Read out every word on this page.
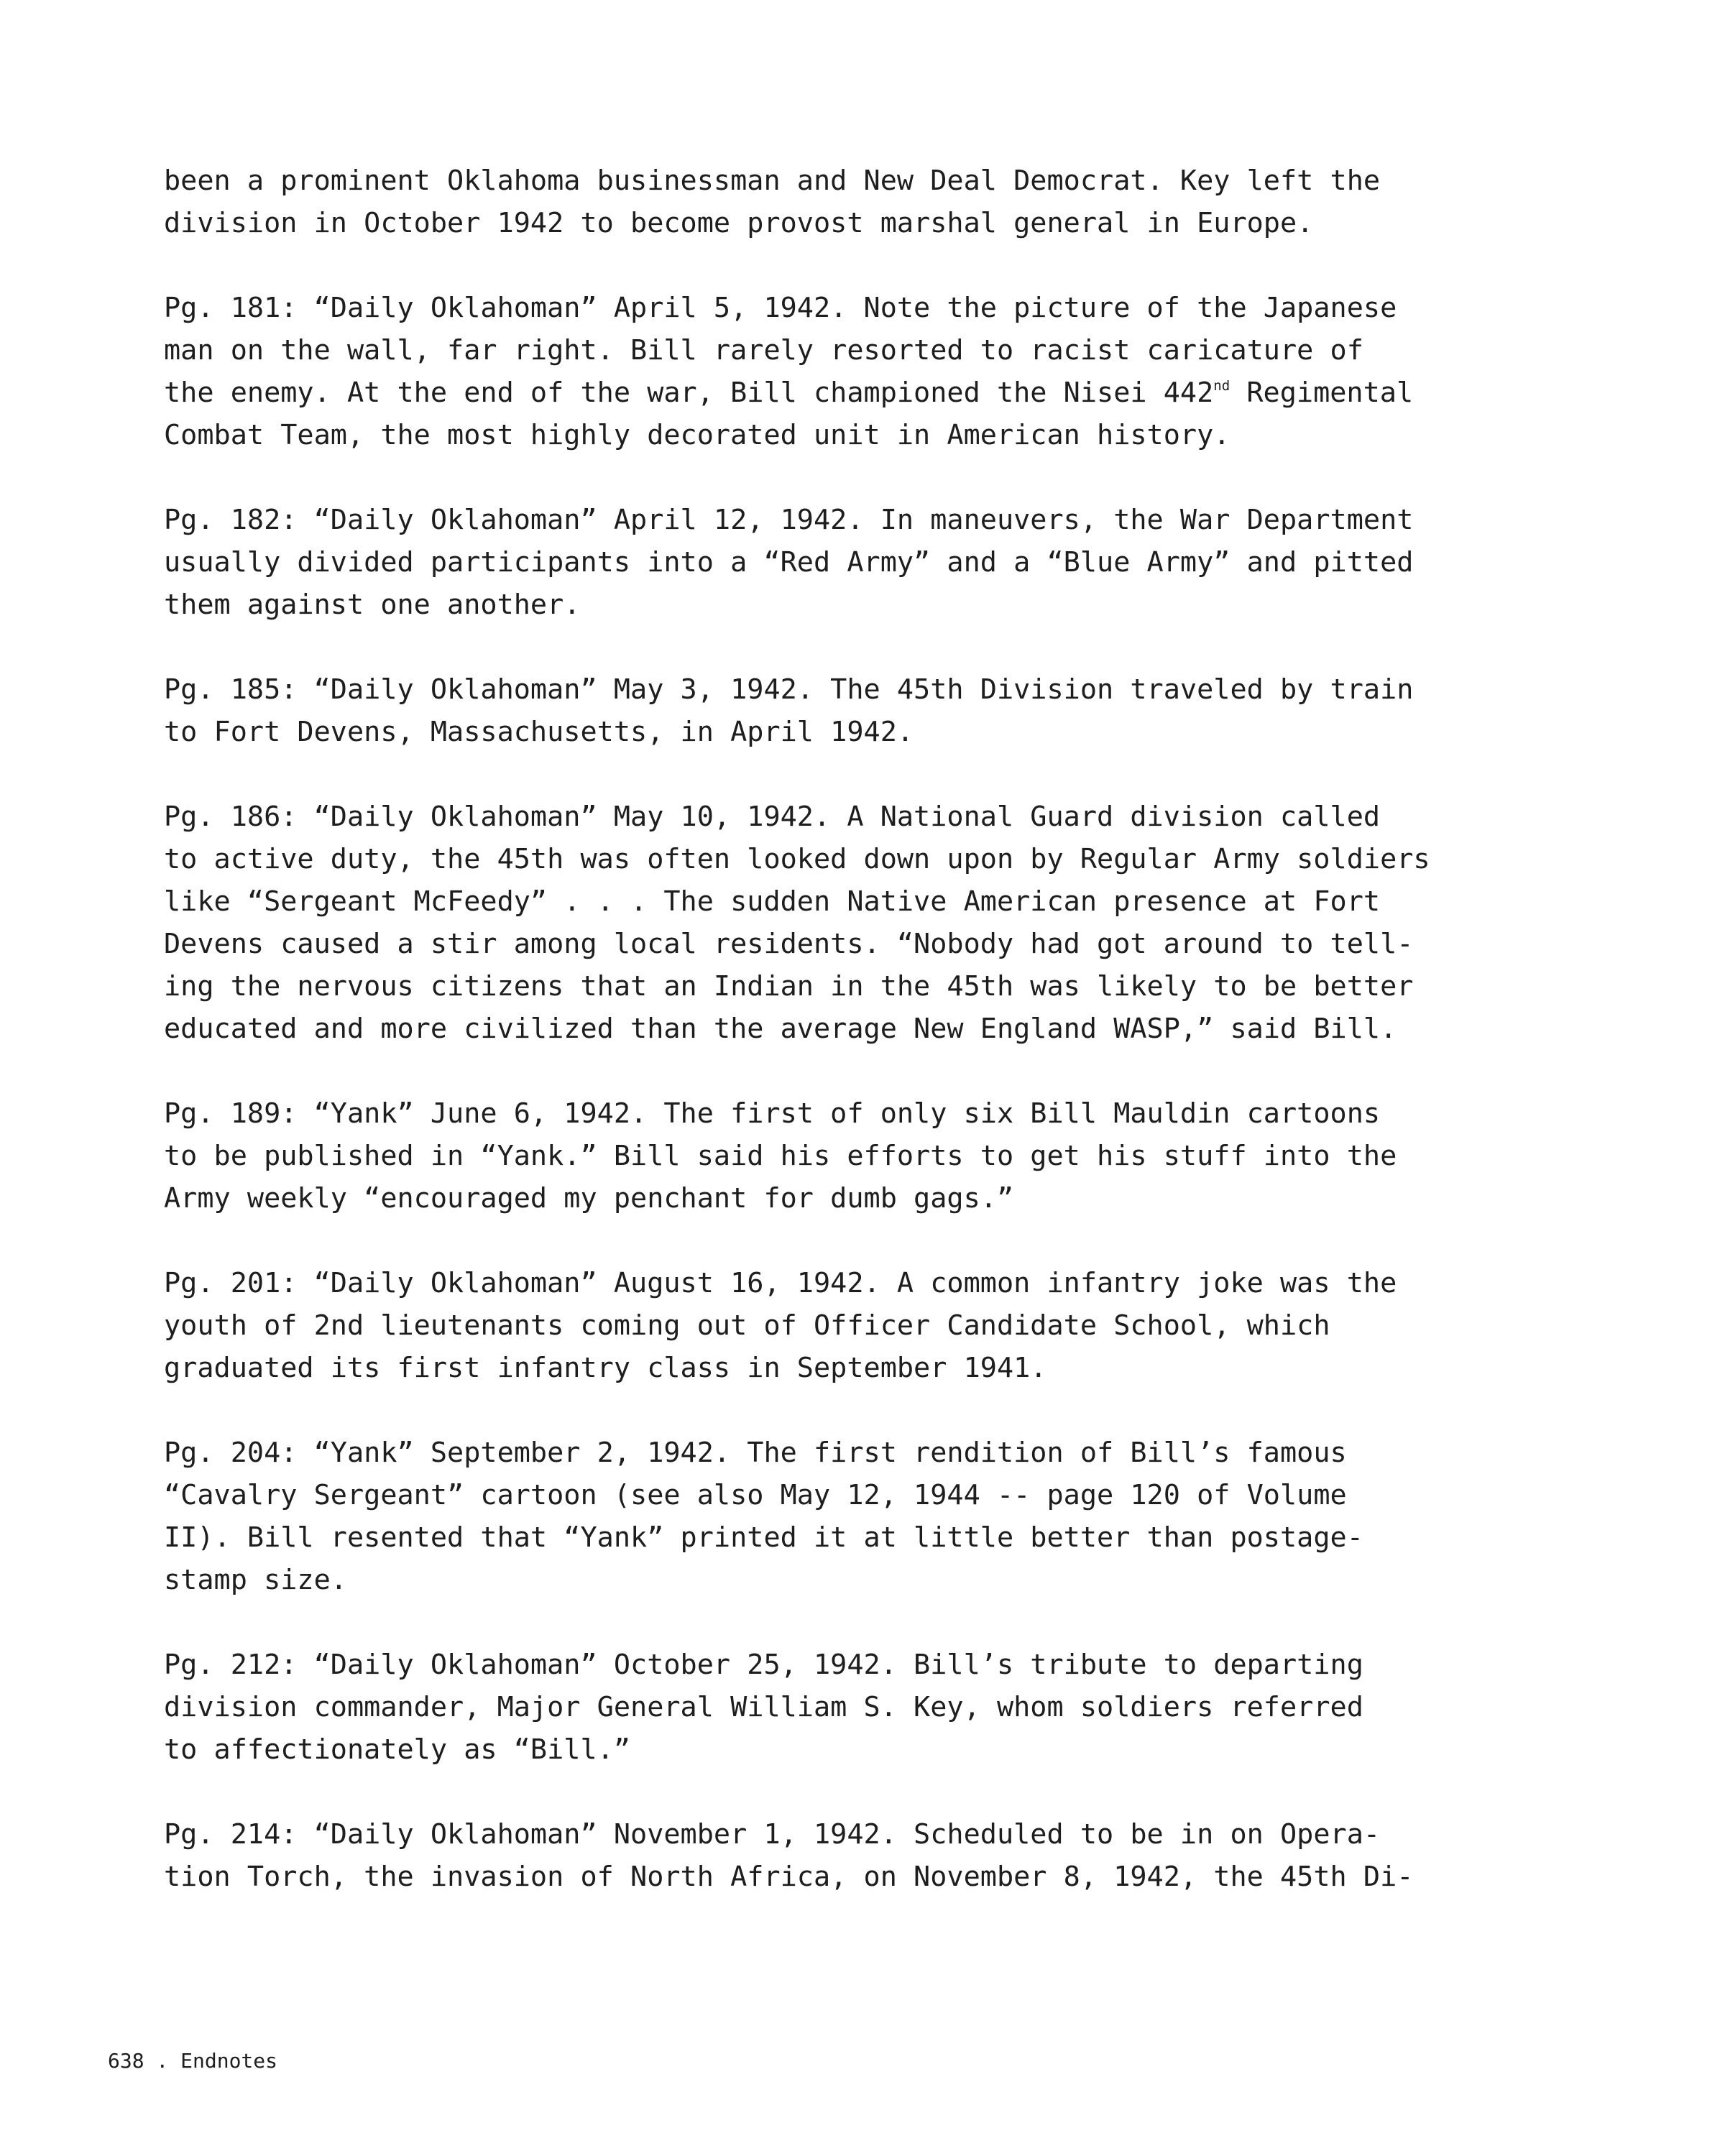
been a prominent Oklahoma businessman and New Deal Democrat. Key left the
division in October 1942 to become provost marshal general in Europe.

Pg. 181: “Daily Oklahoman” April 5, 1942. Note the picture of the Japanese
man on the wall, far right. Bill rarely resorted to racist caricature of
the enemy. At the end of the war, Bill championed the Nisei 442nd Regimental
Combat Team, the most highly decorated unit in American history.

Pg. 182: “Daily Oklahoman” April 12, 1942. In maneuvers, the War Department
usually divided participants into a “Red Army” and a “Blue Army” and pitted
them against one another.

Pg. 185: “Daily Oklahoman” May 3, 1942. The 45th Division traveled by train
to Fort Devens, Massachusetts, in April 1942.

Pg. 186: “Daily Oklahoman” May 10, 1942. A National Guard division called
to active duty, the 45th was often looked down upon by Regular Army soldiers
like “Sergeant McFeedy” . . . The sudden Native American presence at Fort
Devens caused a stir among local residents. “Nobody had got around to tell-
ing the nervous citizens that an Indian in the 45th was likely to be better
educated and more civilized than the average New England WASP,” said Bill.

Pg. 189: “Yank” June 6, 1942. The first of only six Bill Mauldin cartoons
to be published in “Yank.” Bill said his efforts to get his stuff into the
Army weekly “encouraged my penchant for dumb gags.”

Pg. 201: “Daily Oklahoman” August 16, 1942. A common infantry joke was the
youth of 2nd lieutenants coming out of Officer Candidate School, which
graduated its first infantry class in September 1941.

Pg. 204: “Yank” September 2, 1942. The first rendition of Bill’s famous
“Cavalry Sergeant” cartoon (see also May 12, 1944 -- page 120 of Volume
II). Bill resented that “Yank” printed it at little better than postage-
stamp size.

Pg. 212: “Daily Oklahoman” October 25, 1942. Bill’s tribute to departing
division commander, Major General William S. Key, whom soldiers referred
to affectionately as “Bill.”

Pg. 214: “Daily Oklahoman” November 1, 1942. Scheduled to be in on Opera-
tion Torch, the invasion of North Africa, on November 8, 1942, the 45th Di-

638 . Endnotes
